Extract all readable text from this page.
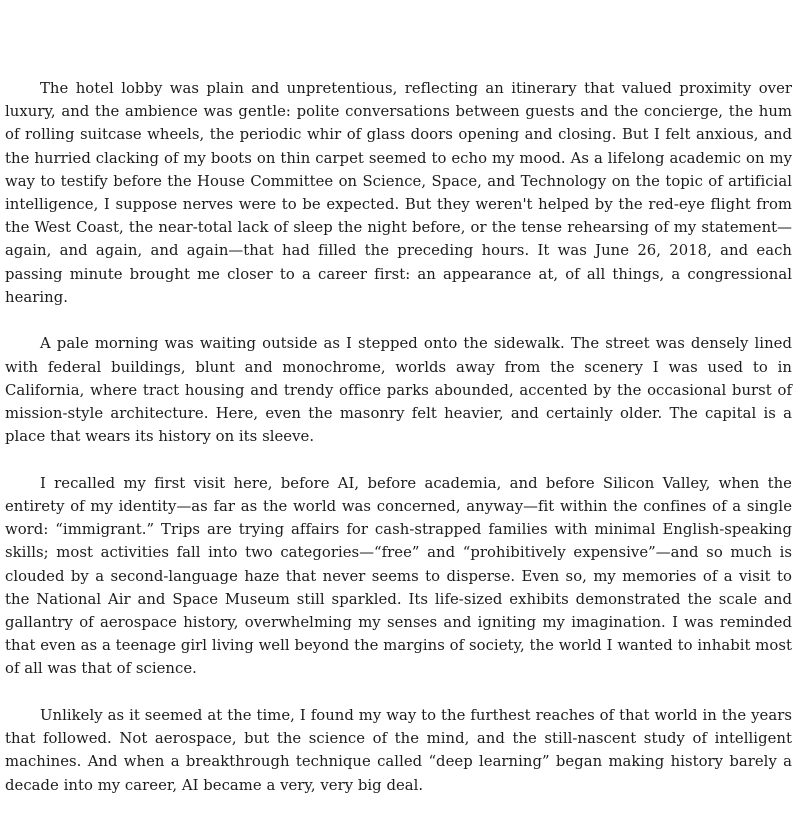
The hotel lobby was plain and unpretentious, reflecting an itinerary that valued proximity over luxury, and the ambience was gentle: polite conversations between guests and the concierge, the hum of rolling suitcase wheels, the periodic whir of glass doors opening and closing. But I felt anxious, and the hurried clacking of my boots on thin carpet seemed to echo my mood. As a lifelong academic on my way to testify before the House Committee on Science, Space, and Technology on the topic of artificial intelligence, I suppose nerves were to be expected. But they weren't helped by the red-eye flight from the West Coast, the near-total lack of sleep the night before, or the tense rehearsing of my statement—again, and again, and again—that had filled the preceding hours. It was June 26, 2018, and each passing minute brought me closer to a career first: an appearance at, of all things, a congressional hearing.

A pale morning was waiting outside as I stepped onto the sidewalk. The street was densely lined with federal buildings, blunt and monochrome, worlds away from the scenery I was used to in California, where tract housing and trendy office parks abounded, accented by the occasional burst of mission-style architecture. Here, even the masonry felt heavier, and certainly older. The capital is a place that wears its history on its sleeve.

I recalled my first visit here, before AI, before academia, and before Silicon Valley, when the entirety of my identity—as far as the world was concerned, anyway—fit within the confines of a single word: “immigrant.” Trips are trying affairs for cash-strapped families with minimal English-speaking skills; most activities fall into two categories—“free” and “prohibitively expensive”—and so much is clouded by a second-language haze that never seems to disperse. Even so, my memories of a visit to the National Air and Space Museum still sparkled. Its life-sized exhibits demonstrated the scale and gallantry of aerospace history, overwhelming my senses and igniting my imagination. I was reminded that even as a teenage girl living well beyond the margins of society, the world I wanted to inhabit most of all was that of science.

Unlikely as it seemed at the time, I found my way to the furthest reaches of that world in the years that followed. Not aerospace, but the science of the mind, and the still-nascent study of intelligent machines. And when a breakthrough technique called “deep learning” began making history barely a decade into my career, AI became a very, very big deal.
